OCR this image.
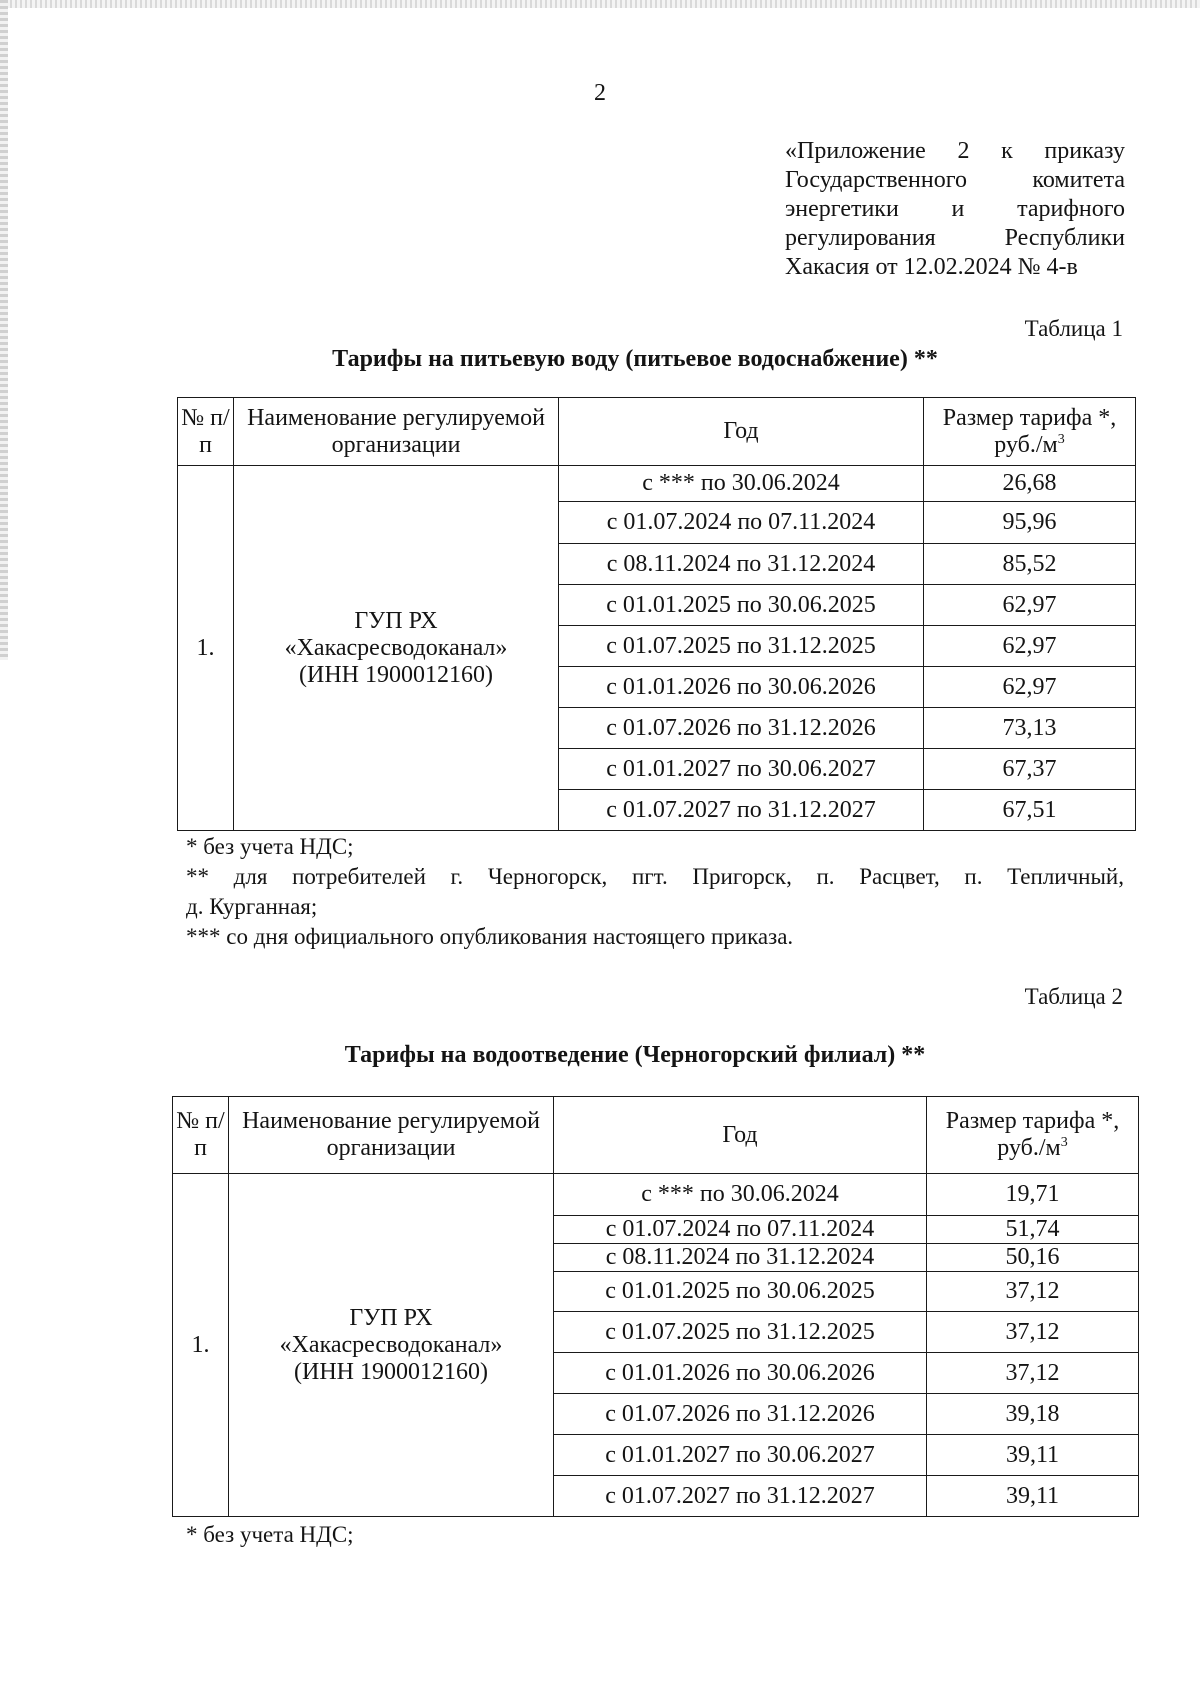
2
«Приложение 2 к приказу
Государственного комитета
энергетики и тарифного
регулирования Республики
Хакасия от 12.02.2024 № 4-в
Таблица 1
Тарифы на питьевую воду (питьевое водоснабжение) **
№ п/п	Наименование регулируемой организации	Год	Размер тарифа *, $руб./м^3$
1.	ГУП РХ
«Хакасресводоканал»
(ИНН 1900012160)	с *** по 30.06.2024	26,68
		с 01.07.2024 по 07.11.2024	95,96
		с 08.11.2024 по 31.12.2024	85,52
		с 01.01.2025 по 30.06.2025	62,97
		с 01.07.2025 по 31.12.2025	62,97
		с 01.01.2026 по 30.06.2026	62,97
		с 01.07.2026 по 31.12.2026	73,13
		с 01.01.2027 по 30.06.2027	67,37
		с 01.07.2027 по 31.12.2027	67,51
* без учета НДС;
** для потребителей г. Черногорск, пгт. Пригорск, п. Расцвет, п. Тепличный,
д. Курганная;
*** со дня официального опубликования настоящего приказа.
Таблица 2
Тарифы на водоотведение (Черногорский филиал) **
№ п/п	Наименование регулируемой организации	Год	Размер тарифа *, $руб./м^3$
1.	ГУП РХ
«Хакасресводоканал»
(ИНН 1900012160)	с *** по 30.06.2024	19,71
		с 01.07.2024 по 07.11.2024	51,74
		с 08.11.2024 по 31.12.2024	50,16
		с 01.01.2025 по 30.06.2025	37,12
		с 01.07.2025 по 31.12.2025	37,12
		с 01.01.2026 по 30.06.2026	37,12
		с 01.07.2026 по 31.12.2026	39,18
		с 01.01.2027 по 30.06.2027	39,11
		с 01.07.2027 по 31.12.2027	39,11
* без учета НДС;
